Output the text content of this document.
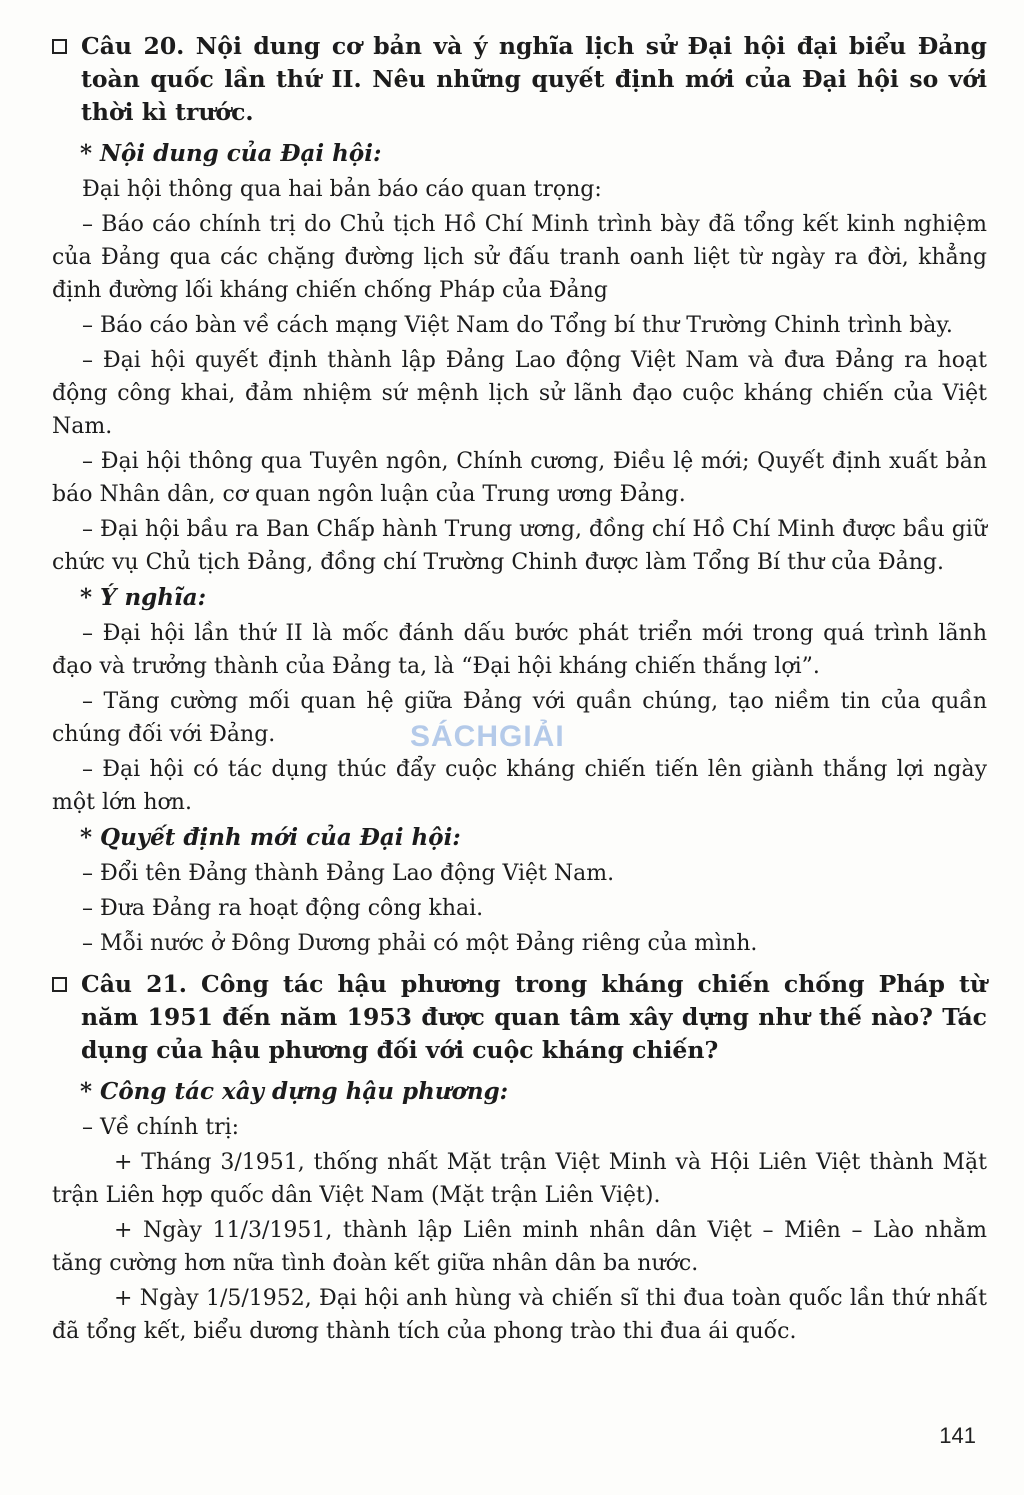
Câu 20. Nội dung cơ bản và ý nghĩa lịch sử Đại hội đại biểu Đảng toàn quốc lần thứ II. Nêu những quyết định mới của Đại hội so với thời kì trước.
* Nội dung của Đại hội:

Đại hội thông qua hai bản báo cáo quan trọng:

– Báo cáo chính trị do Chủ tịch Hồ Chí Minh trình bày đã tổng kết kinh nghiệm của Đảng qua các chặng đường lịch sử đấu tranh oanh liệt từ ngày ra đời, khẳng định đường lối kháng chiến chống Pháp của Đảng

– Báo cáo bàn về cách mạng Việt Nam do Tổng bí thư Trường Chinh trình bày.

– Đại hội quyết định thành lập Đảng Lao động Việt Nam và đưa Đảng ra hoạt động công khai, đảm nhiệm sứ mệnh lịch sử lãnh đạo cuộc kháng chiến của Việt Nam.

– Đại hội thông qua Tuyên ngôn, Chính cương, Điều lệ mới; Quyết định xuất bản báo Nhân dân, cơ quan ngôn luận của Trung ương Đảng.

– Đại hội bầu ra Ban Chấp hành Trung ương, đồng chí Hồ Chí Minh được bầu giữ chức vụ Chủ tịch Đảng, đồng chí Trường Chinh được làm Tổng Bí thư của Đảng.

* Ý nghĩa:

– Đại hội lần thứ II là mốc đánh dấu bước phát triển mới trong quá trình lãnh đạo và trưởng thành của Đảng ta, là “Đại hội kháng chiến thắng lợi”.

– Tăng cường mối quan hệ giữa Đảng với quần chúng, tạo niềm tin của quần chúng đối với Đảng.

– Đại hội có tác dụng thúc đẩy cuộc kháng chiến tiến lên giành thắng lợi ngày một lớn hơn.

* Quyết định mới của Đại hội:

– Đổi tên Đảng thành Đảng Lao động Việt Nam.

– Đưa Đảng ra hoạt động công khai.

– Mỗi nước ở Đông Dương phải có một Đảng riêng của mình.

Câu 21. Công tác hậu phương trong kháng chiến chống Pháp từ năm 1951 đến năm 1953 được quan tâm xây dựng như thế nào? Tác dụng của hậu phương đối với cuộc kháng chiến?
* Công tác xây dựng hậu phương:

– Về chính trị:

+ Tháng 3/1951, thống nhất Mặt trận Việt Minh và Hội Liên Việt thành Mặt trận Liên hợp quốc dân Việt Nam (Mặt trận Liên Việt).

+ Ngày 11/3/1951, thành lập Liên minh nhân dân Việt – Miên – Lào nhằm tăng cường hơn nữa tình đoàn kết giữa nhân dân ba nước.

+ Ngày 1/5/1952, Đại hội anh hùng và chiến sĩ thi đua toàn quốc lần thứ nhất đã tổng kết, biểu dương thành tích của phong trào thi đua ái quốc.

SÁCHGIẢI
141
